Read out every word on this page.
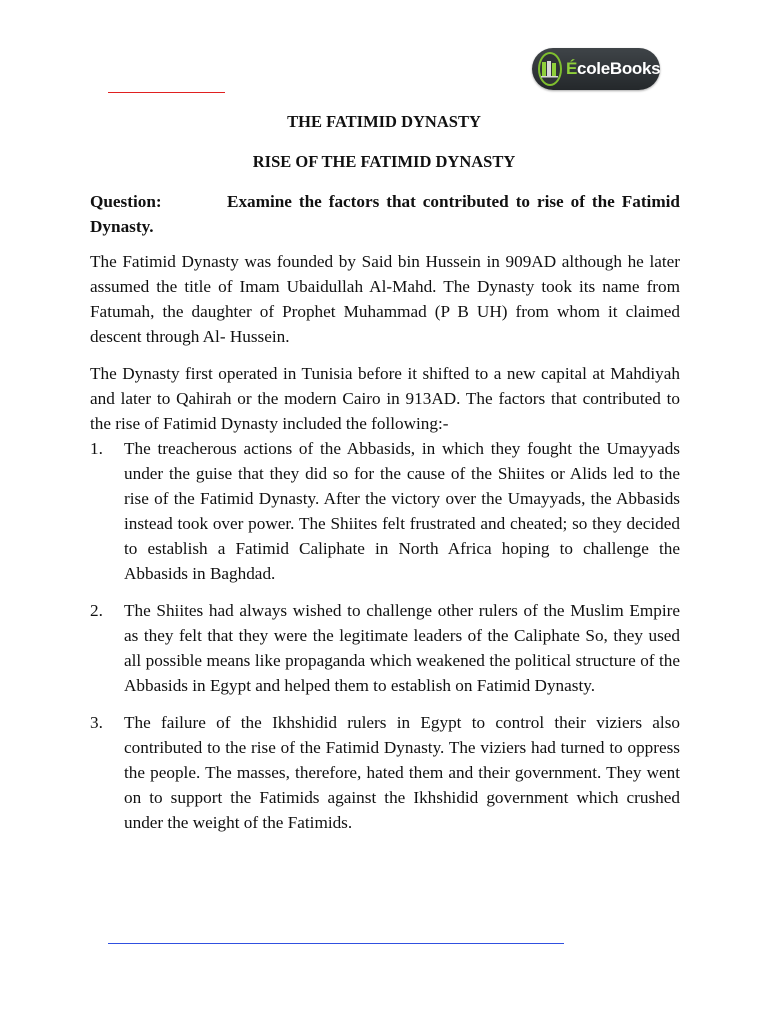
ÉcoleBooks
THE FATIMID DYNASTY
RISE OF THE FATIMID DYNASTY
Question:	Examine the factors that contributed to rise of the Fatimid Dynasty.

The Fatimid Dynasty was founded by Said bin Hussein in 909AD although he later assumed the title of Imam Ubaidullah Al-Mahd. The Dynasty took its name from Fatumah, the daughter of Prophet Muhammad (P B UH) from whom it claimed descent through Al- Hussein.

The Dynasty first operated in Tunisia before it shifted to a new capital at Mahdiyah and later to Qahirah or the modern Cairo in 913AD. The factors that contributed to the rise of Fatimid Dynasty included the following:-

1. The treacherous actions of the Abbasids, in which they fought the Umayyads under the guise that they did so for the cause of the Shiites or Alids led to the rise of the Fatimid Dynasty. After the victory over the Umayyads, the Abbasids instead took over power. The Shiites felt frustrated and cheated; so they decided to establish a Fatimid Caliphate in North Africa hoping to challenge the Abbasids in Baghdad.
2. The Shiites had always wished to challenge other rulers of the Muslim Empire as they felt that they were the legitimate leaders of the Caliphate So, they used all possible means like propaganda which weakened the political structure of the Abbasids in Egypt and helped them to establish on Fatimid Dynasty.
3. The failure of the Ikhshidid rulers in Egypt to control their viziers also contributed to the rise of the Fatimid Dynasty. The viziers had turned to oppress the people. The masses, therefore, hated them and their government. They went on to support the Fatimids against the Ikhshidid government which crushed under the weight of the Fatimids.
